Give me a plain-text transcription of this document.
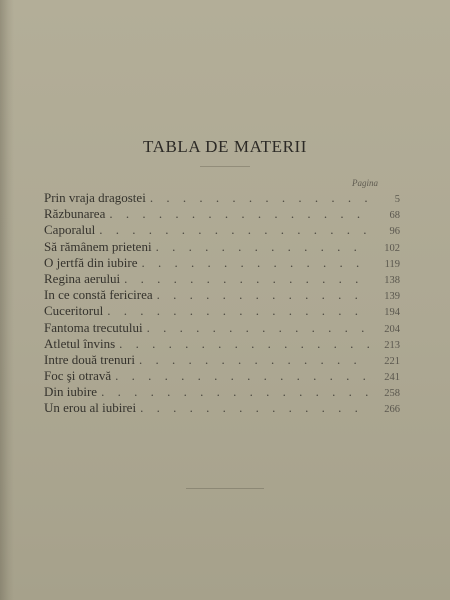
TABLA DE MATERII
Pagina
Prin vraja dragostei . . .	5
Răzbunarea . . .	68
Caporalul . . .	96
Să rămânem prieteni . . .	102
O jertfă din iubire . . .	119
Regina aerului . . .	138
In ce constă fericirea . . .	139
Cuceritorul . . .	194
Fantoma trecutului . . .	204
Atletul învins . . .	213
Intre două trenuri . . .	221
Foc şi otravă . . .	241
Din iubire . . .	258
Un erou al iubirei . . .	266
